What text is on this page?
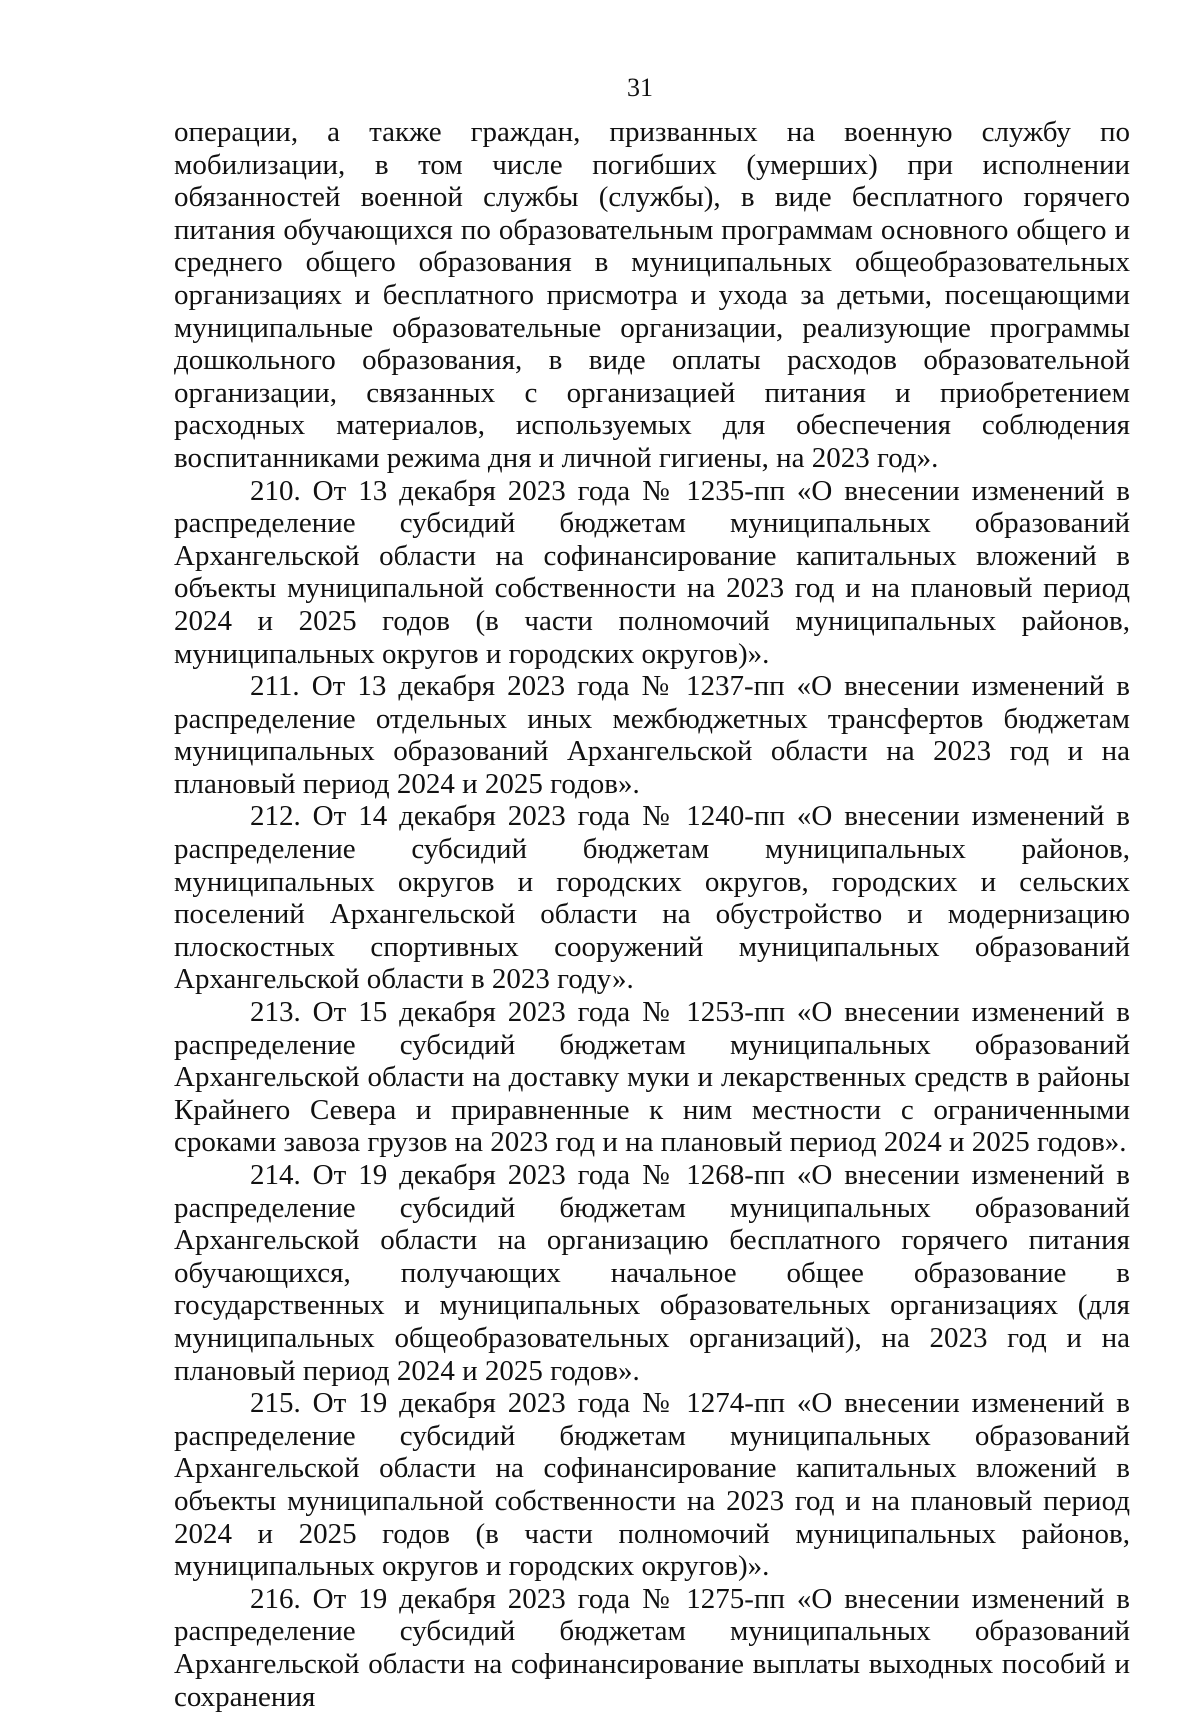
31

операции, а также граждан, призванных на военную службу по мобилизации, в том числе погибших (умерших) при исполнении обязанностей военной службы (службы), в виде бесплатного горячего питания обучающихся по образовательным программам основного общего и среднего общего образования в муниципальных общеобразовательных организациях и бесплатного присмотра и ухода за детьми, посещающими муниципальные образовательные организации, реализующие программы дошкольного образования, в виде оплаты расходов образовательной организации, связанных с организацией питания и приобретением расходных материалов, используемых для обеспечения соблюдения воспитанниками режима дня и личной гигиены, на 2023 год».

210. От 13 декабря 2023 года № 1235-пп «О внесении изменений в распределение субсидий бюджетам муниципальных образований Архангельской области на софинансирование капитальных вложений в объекты муниципальной собственности на 2023 год и на плановый период 2024 и 2025 годов (в части полномочий муниципальных районов, муниципальных округов и городских округов)».

211. От 13 декабря 2023 года № 1237-пп «О внесении изменений в распределение отдельных иных межбюджетных трансфертов бюджетам муниципальных образований Архангельской области на 2023 год и на плановый период 2024 и 2025 годов».

212. От 14 декабря 2023 года № 1240-пп «О внесении изменений в распределение субсидий бюджетам муниципальных районов, муниципальных округов и городских округов, городских и сельских поселений Архангельской области на обустройство и модернизацию плоскостных спортивных сооружений муниципальных образований Архангельской области в 2023 году».

213. От 15 декабря 2023 года № 1253-пп «О внесении изменений в распределение субсидий бюджетам муниципальных образований Архангельской области на доставку муки и лекарственных средств в районы Крайнего Севера и приравненные к ним местности с ограниченными сроками завоза грузов на 2023 год и на плановый период 2024 и 2025 годов».

214. От 19 декабря 2023 года № 1268-пп «О внесении изменений в распределение субсидий бюджетам муниципальных образований Архангельской области на организацию бесплатного горячего питания обучающихся, получающих начальное общее образование в государственных и муниципальных образовательных организациях (для муниципальных общеобразовательных организаций), на 2023 год и на плановый период 2024 и 2025 годов».

215. От 19 декабря 2023 года № 1274-пп «О внесении изменений в распределение субсидий бюджетам муниципальных образований Архангельской области на софинансирование капитальных вложений в объекты муниципальной собственности на 2023 год и на плановый период 2024 и 2025 годов (в части полномочий муниципальных районов, муниципальных округов и городских округов)».

216. От 19 декабря 2023 года № 1275-пп «О внесении изменений в распределение субсидий бюджетам муниципальных образований Архангельской области на софинансирование выплаты выходных пособий и сохранения
